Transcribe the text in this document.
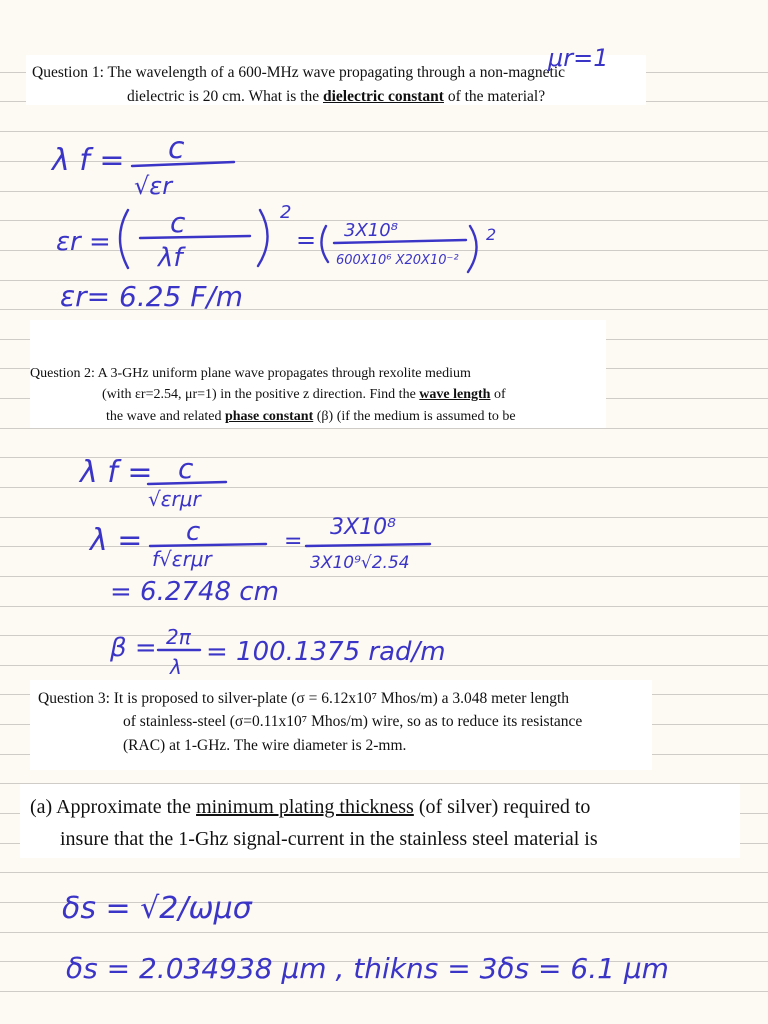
Question 1: The wavelength of a 600-MHz wave propagating through a non-magnetic
dielectric is 20 cm. What is the dielectric constant of the material?
Question 2: A 3-GHz uniform plane wave propagates through rexolite medium
(with εr=2.54, μr=1) in the positive z direction. Find the wave length of
the wave and related phase constant (β) (if the medium is assumed to be
Question 3: It is proposed to silver-plate (σ = 6.12x10⁷ Mhos/m) a 3.048 meter length
of stainless-steel (σ=0.11x10⁷ Mhos/m) wire, so as to reduce its resistance
(RAC) at 1-GHz. The wire diameter is 2-mm.
(a) Approximate the minimum plating thickness (of silver) required to
insure that the 1-Ghz signal-current in the stainless steel material is
μr=1
λ f = c
√εr
εr =
c
λf
2
= 3X10⁸
600X10⁶ X20X10⁻²
2
εr= 6.25 F/m
λ f = c
√εrμr
λ = c
f√εrμr
=
3X10⁸
3X10⁹√2.54
= 6.2748 cm
β = 2π
λ = 100.1375 rad/m
δs = √2/ωμσ
δs = 2.034938 μm , thikns = 3δs = 6.1 μm
